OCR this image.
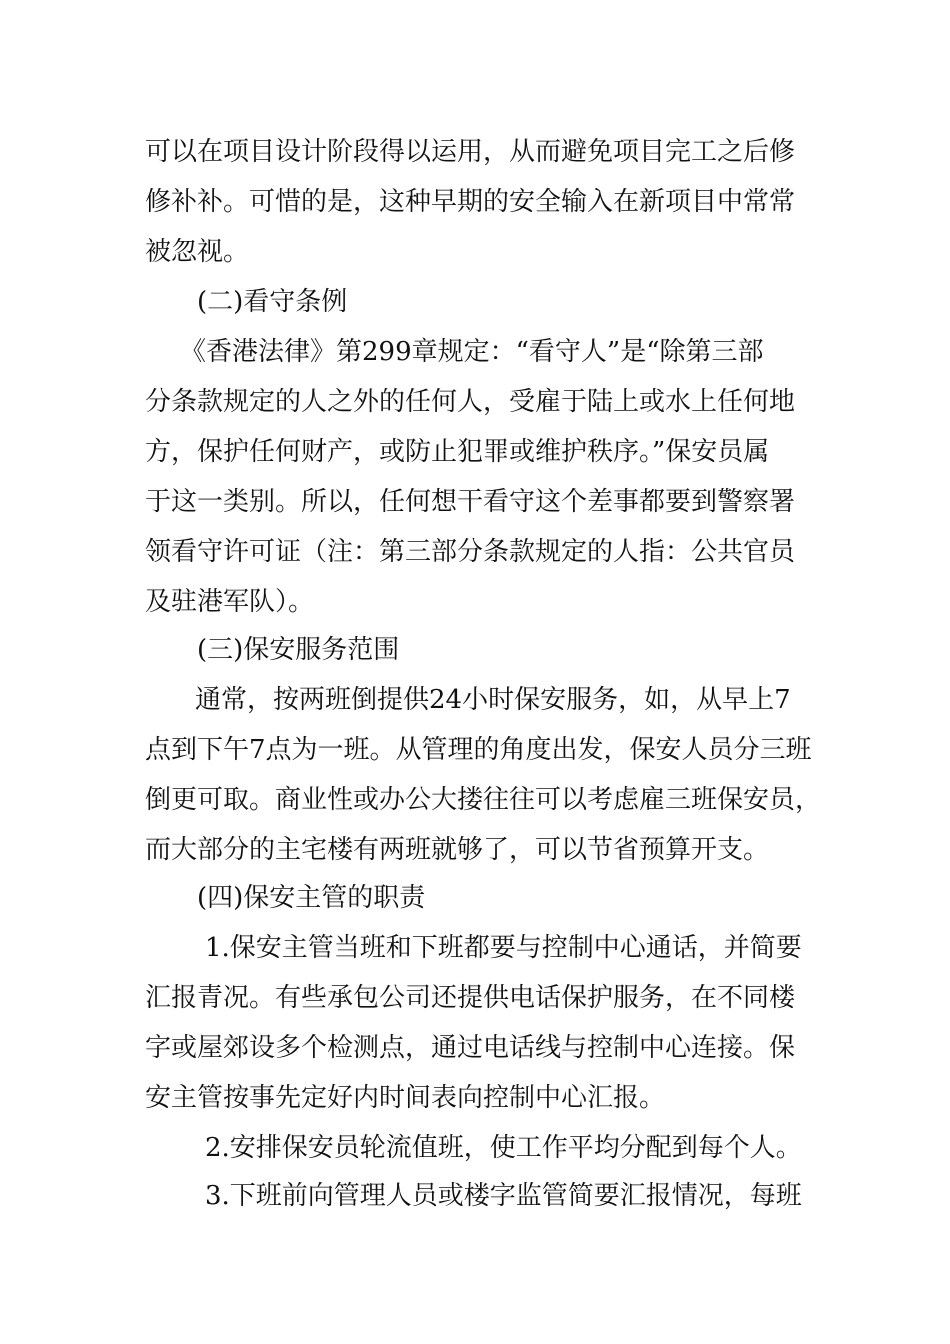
可以在项目设计阶段得以运用，从而避免项目完工之后修
修补补。可惜的是，这种早期的安全输入在新项目中常常
被忽视。
(二)看守条例
《香港法律》第299章规定：“看守人”是“除第三部
分条款规定的人之外的任何人，受雇于陆上或水上任何地
方，保护任何财产，或防止犯罪或维护秩序。”保安员属
于这一类别。所以，任何想干看守这个差事都要到警察署
领看守许可证（注：第三部分条款规定的人指：公共官员
及驻港军队）。
(三)保安服务范围
通常，按两班倒提供24小时保安服务，如，从早上7
点到下午7点为一班。从管理的角度出发，保安人员分三班
倒更可取。商业性或办公大搂往往可以考虑雇三班保安员，
而大部分的主宅楼有两班就够了，可以节省预算开支。
(四)保安主管的职责
1.保安主管当班和下班都要与控制中心通话，并简要
汇报青况。有些承包公司还提供电话保护服务，在不同楼
字或屋郊设多个检测点，通过电话线与控制中心连接。保
安主管按事先定好内时间表向控制中心汇报。
2.安排保安员轮流值班，使工作平均分配到每个人。
3.下班前向管理人员或楼字监管简要汇报情况，每班
